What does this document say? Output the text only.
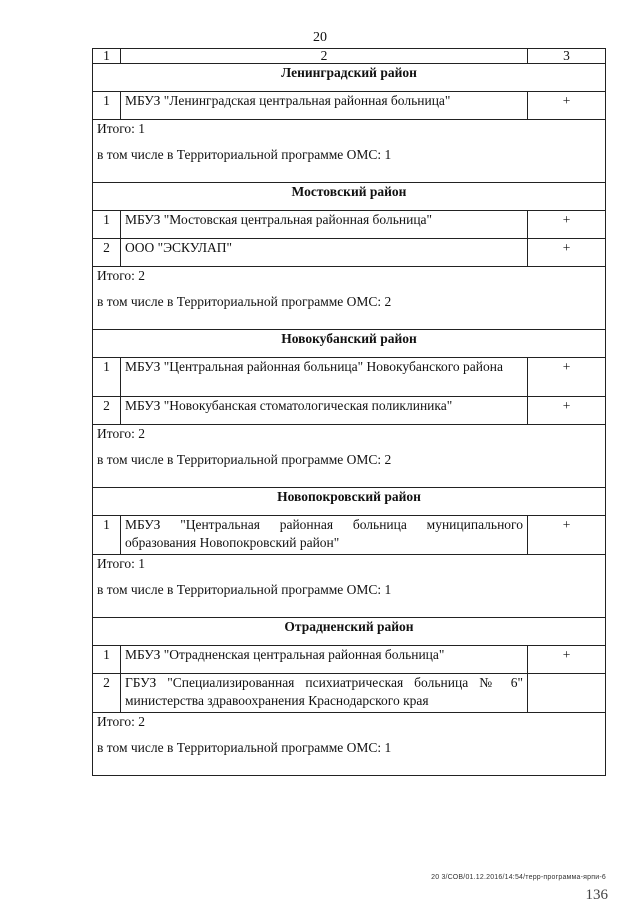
20
1	2	3
Ленинградский район		
1	МБУЗ "Ленинградская центральная районная больница"	+

Итого: 1
в том числе в Территориальной программе ОМС: 1		

Мостовский район		
1	МБУЗ "Мостовская центральная районная больница"	+
2	ООО "ЭСКУЛАП"	+

Итого: 2
в том числе в Территориальной программе ОМС: 2		

Новокубанский район		
1	МБУЗ "Центральная районная больница" Новокубанского района	+
2	МБУЗ "Новокубанская стоматологическая поликлиника"	+

Итого: 2
в том числе в Территориальной программе ОМС: 2		

Новопокровский район		
1	МБУЗ "Центральная районная больница муниципального образования Новопокровский район"	+

Итого: 1
в том числе в Территориальной программе ОМС: 1		

Отрадненский район		
1	МБУЗ "Отрадненская центральная районная больница"	+
2	ГБУЗ "Специализированная психиатрическая больница № 6" министерства здравоохранения Краснодарского края	

Итого: 2
в том числе в Территориальной программе ОМС: 1		
20 3/СОВ/01.12.2016/14:54/терр-программа-ярпи-6
136
